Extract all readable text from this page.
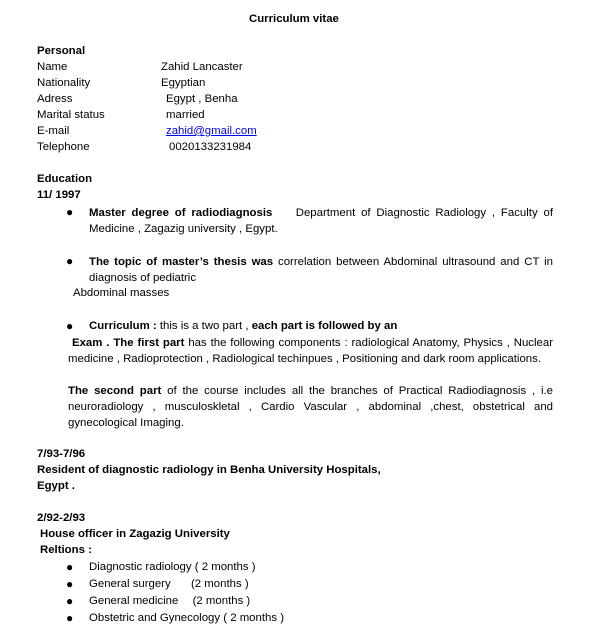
Curriculum vitae
Personal
Name	Zahid Lancaster
Nationality	Egyptian
Adress	Egypt , Benha
Marital status	married
E-mail	zahid@gmail.com
Telephone	0020133231984
Education
11/ 1997
● Master degree of radiodiagnosis Department of Diagnostic Radiology , Faculty of Medicine , Zagazig university , Egypt.
● The topic of master’s thesis was correlation between Abdominal ultrasound and CT in diagnosis of pediatric
Abdominal masses
● Curriculum : this is a two part , each part is followed by an
Exam . The first part has the following components : radiological Anatomy, Physics , Nuclear medicine , Radioprotection , Radiological techinpues , Positioning and dark room applications.
The second part of the course includes all the branches of Practical Radiodiagnosis , i.e neuroradiology , musculoskletal , Cardio Vascular , abdominal ,chest, obstetrical and gynecological Imaging.
7/93-7/96
Resident of diagnostic radiology in Benha University Hospitals,
Egypt .
2/92-2/93
House officer in Zagazig University
Reltions :
● Diagnostic radiology ( 2 months )
● General surgery (2 months )
● General medicine (2 months )
● Obstetric and Gynecology ( 2 months )
